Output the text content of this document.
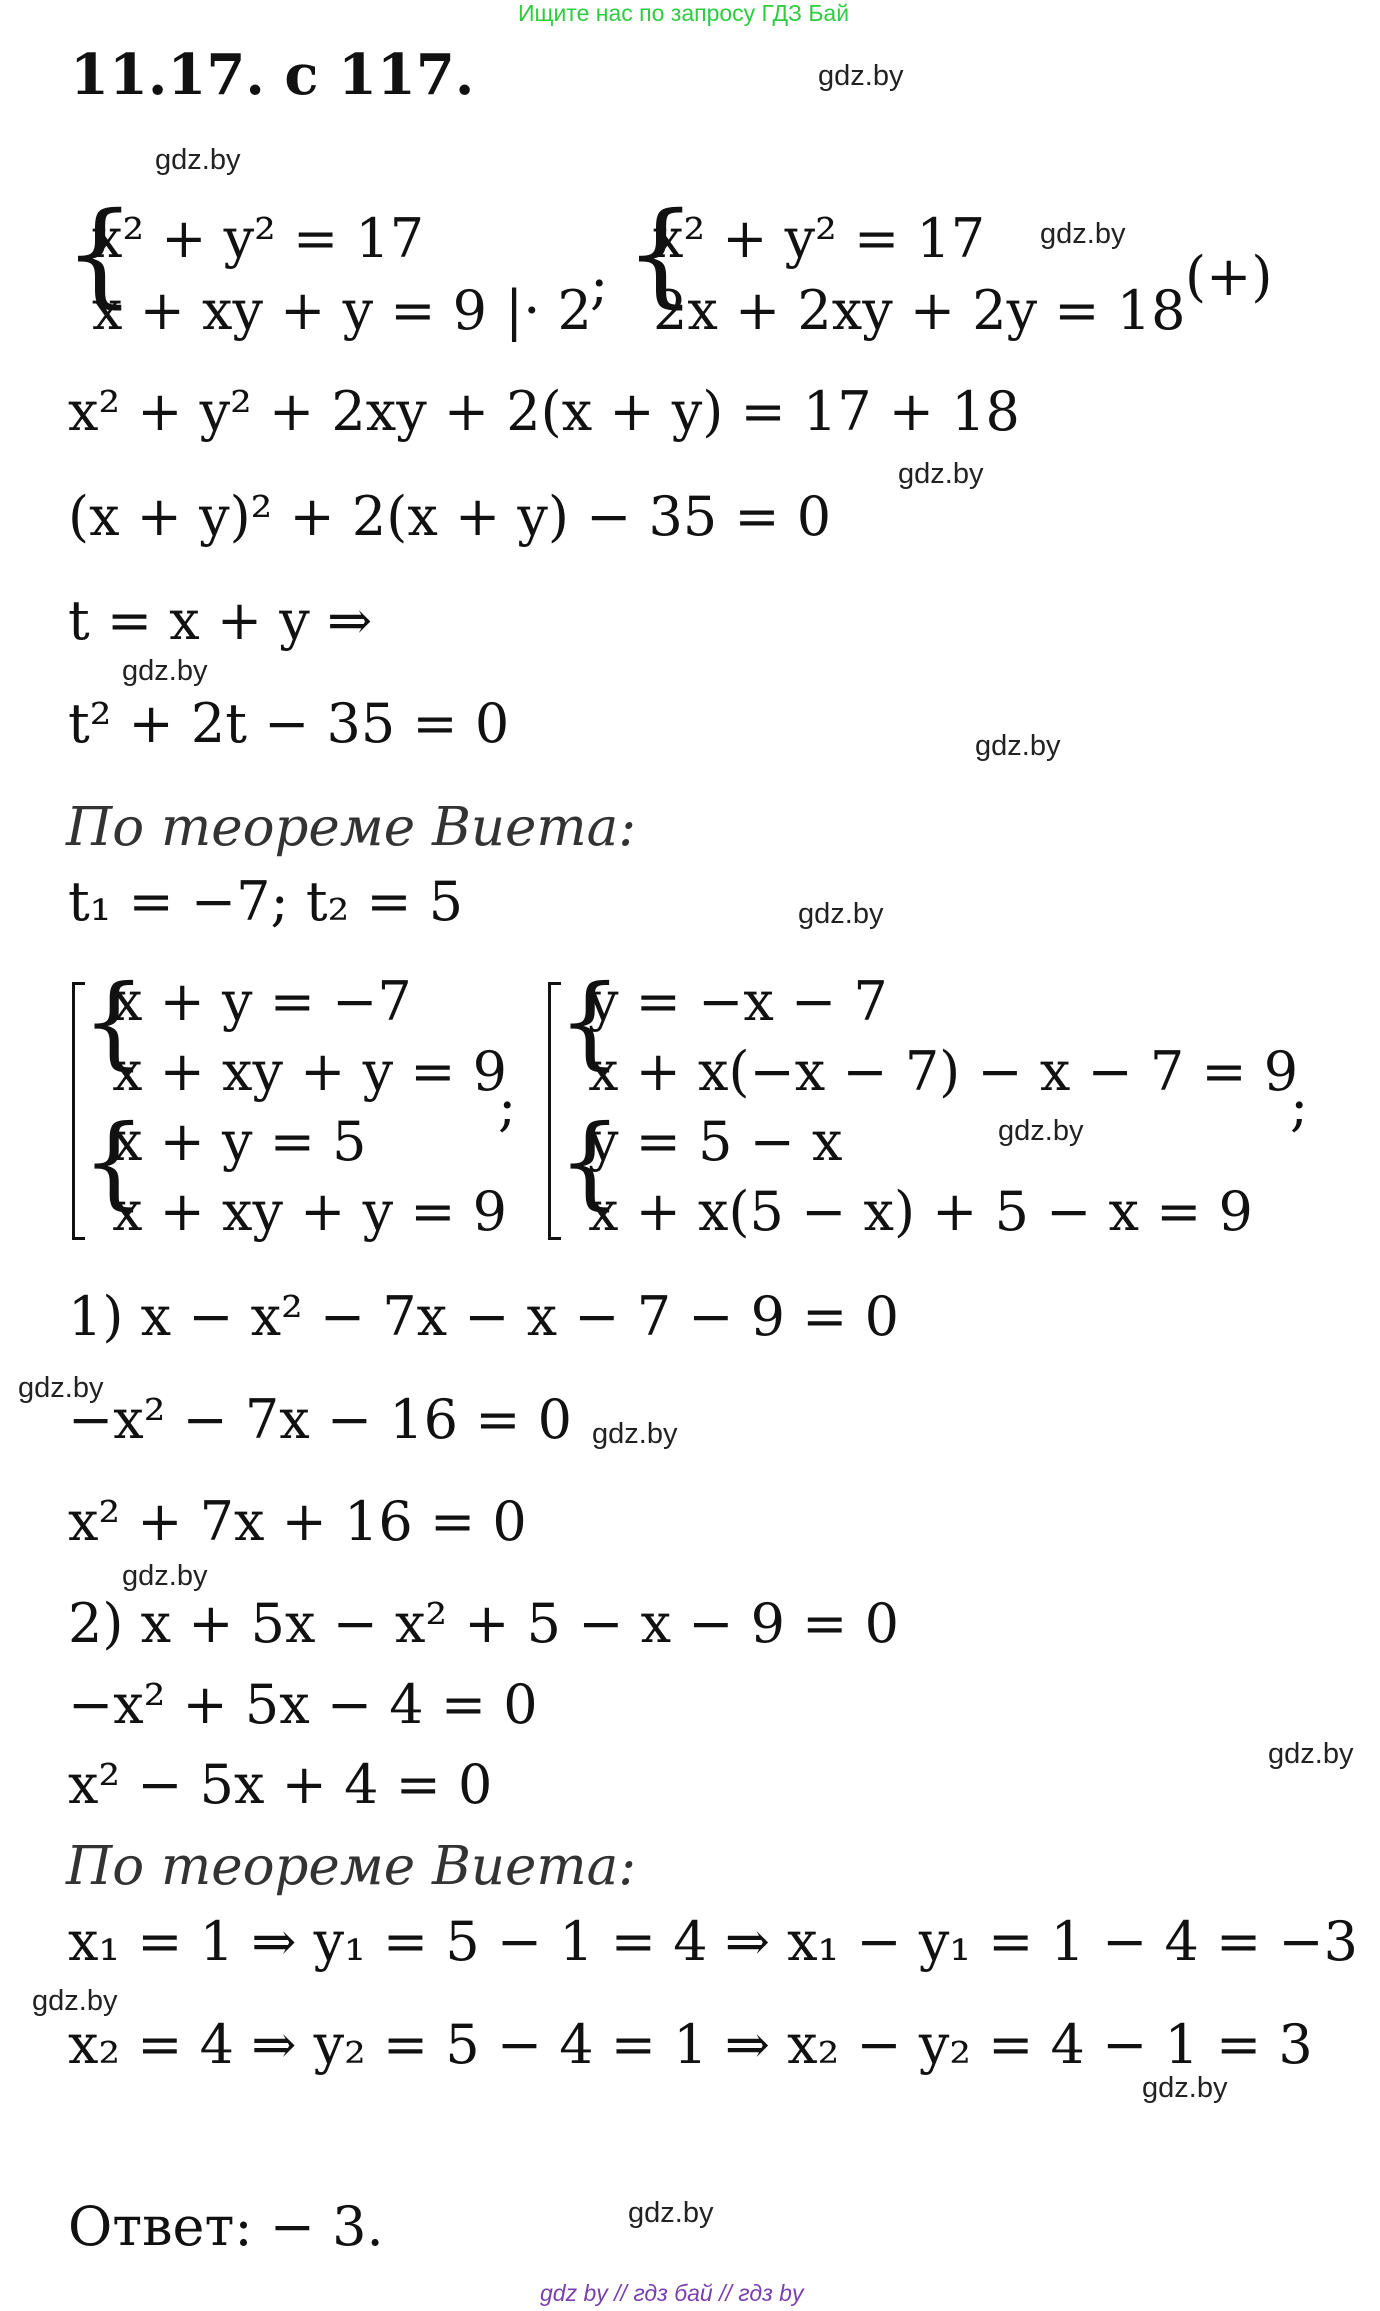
Ищите нас по запросу ГДЗ Бай
11.17. с 117.	gdz.by
gdz.by
gdz.by
gdz.by
gdz.by
gdz.by
gdz.by
gdz.by
gdz.by
gdz.by
gdz.by
gdz.by
gdz.by
gdz.by
gdz.by
{
x² + y² = 17
x + xy + y = 9 |· 2
; {
x² + y² = 17
2x + 2xy + 2y = 18
(+)
x² + y² + 2xy + 2(x + y) = 17 + 18
(x + y)² + 2(x + y) − 35 = 0
t = x + y ⇒
t² + 2t − 35 = 0
По теореме Виета:
t₁ = −7; t₂ = 5
{
{
x + y = −7
x + xy + y = 9
x + y = 5
x + xy + y = 9
;
{
{
y = −x − 7
x + x(−x − 7) − x − 7 = 9
y = 5 − x
x + x(5 − x) + 5 − x = 9
;
1) x − x² − 7x − x − 7 − 9 = 0
−x² − 7x − 16 = 0
x² + 7x + 16 = 0
2) x + 5x − x² + 5 − x − 9 = 0
−x² + 5x − 4 = 0
x² − 5x + 4 = 0
По теореме Виета:
x₁ = 1 ⇒ y₁ = 5 − 1 = 4 ⇒ x₁ − y₁ = 1 − 4 = −3
x₂ = 4 ⇒ y₂ = 5 − 4 = 1 ⇒ x₂ − y₂ = 4 − 1 = 3
Ответ: − 3.
gdz by // гдз бай // гдз by
